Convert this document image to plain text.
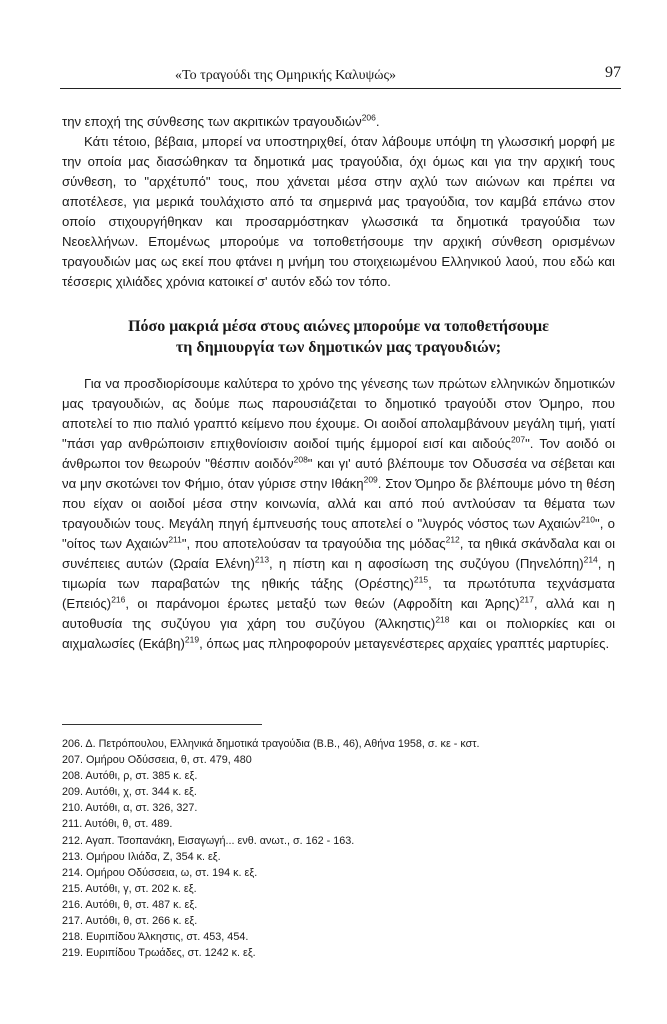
«Το τραγούδι της Ομηρικής Καλυψώς»	97

την εποχή της σύνθεσης των ακριτικών τραγουδιών$^{206}$.

Κάτι τέτοιο, βέβαια, μπορεί να υποστηριχθεί, όταν λάβουμε υπόψη τη γλωσσική μορφή με την οποία μας διασώθηκαν τα δημοτικά μας τραγούδια, όχι όμως και για την αρχική τους σύνθεση, το "αρχέτυπό" τους, που χάνεται μέσα στην αχλύ των αιώνων και πρέπει να αποτέλεσε, για μερικά τουλάχιστο από τα σημερινά μας τραγούδια, τον καμβά επάνω στον οποίο στιχουργήθηκαν και προσαρμόστηκαν γλωσσικά τα δημοτικά τραγούδια των Νεοελλήνων. Επομένως μπορούμε να τοποθετήσουμε την αρχική σύνθεση ορισμένων τραγουδιών μας ως εκεί που φτάνει η μνήμη του στοιχειωμένου Ελληνικού λαού, που εδώ και τέσσερις χιλιάδες χρόνια κατοικεί σ' αυτόν εδώ τον τόπο.

Πόσο μακριά μέσα στους αιώνες μπορούμε να τοποθετήσουμε
τη δημιουργία των δημοτικών μας τραγουδιών;

Για να προσδιορίσουμε καλύτερα το χρόνο της γένεσης των πρώτων ελληνικών δημοτικών μας τραγουδιών, ας δούμε πως παρουσιάζεται το δημοτικό τραγούδι στον Όμηρο, που αποτελεί το πιο παλιό γραπτό κείμενο που έχουμε. Οι αοιδοί απολαμβάνουν μεγάλη τιμή, γιατί "πάσι γαρ ανθρώποισιν επιχθονίοισιν αοιδοί τιμής έμμοροί εισί και αιδούς$^{207}$". Τον αοιδό οι άνθρωποι τον θεωρούν "θέσπιν αοιδόν$^{208}$" και γι' αυτό βλέπουμε τον Οδυσσέα να σέβεται και να μην σκοτώνει τον Φήμιο, όταν γύρισε στην Ιθάκη$^{209}$. Στον Όμηρο δε βλέπουμε μόνο τη θέση που είχαν οι αοιδοί μέσα στην κοινωνία, αλλά και από πού αντλούσαν τα θέματα των τραγουδιών τους. Μεγάλη πηγή έμπνευσής τους αποτελεί ο "λυγρός νόστος των Αχαιών$^{210}$", ο "οίτος των Αχαιών$^{211}$", που αποτελούσαν τα τραγούδια της μόδας$^{212}$, τα ηθικά σκάνδαλα και οι συνέπειες αυτών (Ωραία Ελένη)$^{213}$, η πίστη και η αφοσίωση της συζύγου $(\Pi\eta\nu\varepsilon\lambda ό\pi\eta)^{214}$, η τιμωρία των παραβατών της ηθικής τάξης $(O\rho έ\sigma\tau\eta\varsigma)^{215}$, τα πρωτότυπα τεχνάσματα $(E\pi\varepsilon\iota ό\varsigma)^{216}$, οι παράνομοι έρωτες μεταξύ των θεών (Αφροδίτη και Άρης)$^{217}$, αλλά και η αυτοθυσία της συζύγου για χάρη του συζύγου $(Ά\lambda\kappa\eta\sigma\tau\iota\varsigma)^{218}$ και οι πολιορκίες και οι αιχμαλωσίες $(E\kappa ά\beta\eta)^{219}$, όπως μας πληροφορούν μεταγενέστερες αρχαίες γραπτές μαρτυρίες.

206. Δ. Πετρόπουλου, Ελληνικά δημοτικά τραγούδια (Β.Β., 46), Αθήνα 1958, σ. κε - κστ.
207. Ομήρου Οδύσσεια, θ, στ. 479, 480
208. Αυτόθι, ρ, στ. 385 κ. εξ.
209. Αυτόθι, χ, στ. 344 κ. εξ.
210. Αυτόθι, α, στ. 326, 327.
211. Αυτόθι, θ, στ. 489.
212. Αγαπ. Τσοπανάκη, Εισαγωγή... ενθ. ανωτ., σ. 162 - 163.
213. Ομήρου Ιλιάδα, Ζ, 354 κ. εξ.
214. Ομήρου Οδύσσεια, ω, στ. 194 κ. εξ.
215. Αυτόθι, γ, στ. 202 κ. εξ.
216. Αυτόθι, θ, στ. 487 κ. εξ.
217. Αυτόθι, θ, στ. 266 κ. εξ.
218. Ευριπίδου Άλκηστις, στ. 453, 454.
219. Ευριπίδου Τρωάδες, στ. 1242 κ. εξ.
